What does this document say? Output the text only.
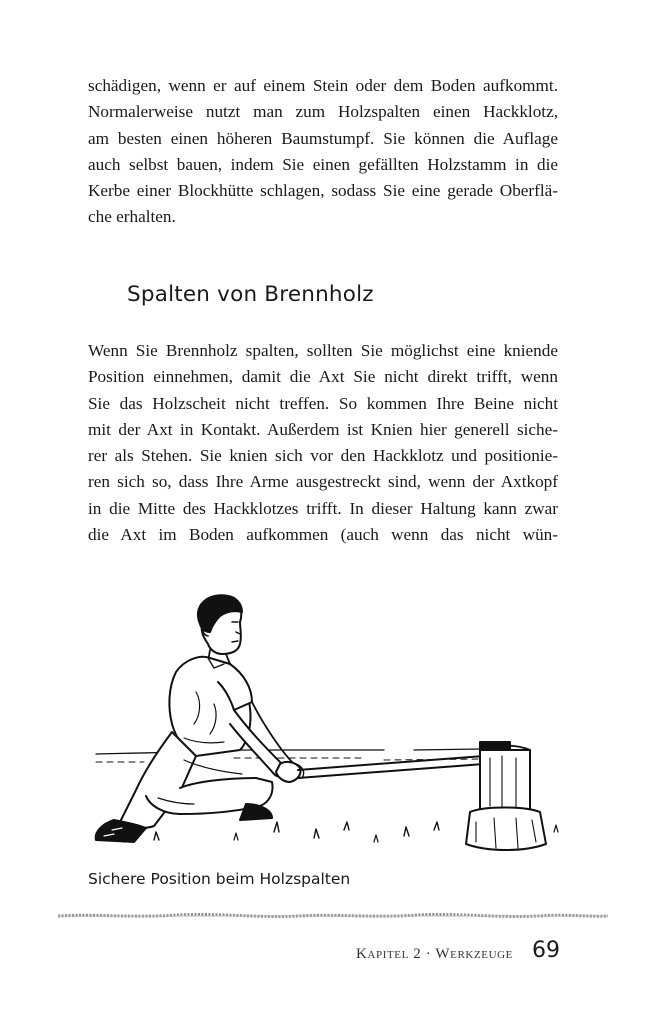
schädigen, wenn er auf einem Stein oder dem Boden aufkommt.
Normalerweise nutzt man zum Holzspalten einen Hackklotz,
am besten einen höheren Baumstumpf. Sie können die Auflage
auch selbst bauen, indem Sie einen gefällten Holzstamm in die
Kerbe einer Blockhütte schlagen, sodass Sie eine gerade Oberflä-
che erhalten.
Spalten von Brennholz
Wenn Sie Brennholz spalten, sollten Sie möglichst eine kniende
Position einnehmen, damit die Axt Sie nicht direkt trifft, wenn
Sie das Holzscheit nicht treffen. So kommen Ihre Beine nicht
mit der Axt in Kontakt. Außerdem ist Knien hier generell siche-
rer als Stehen. Sie knien sich vor den Hackklotz und positionie-
ren sich so, dass Ihre Arme ausgestreckt sind, wenn der Axtkopf
in die Mitte des Hackklotzes trifft. In dieser Haltung kann zwar
die Axt im Boden aufkommen (auch wenn das nicht wün-

Sichere Position beim Holzspalten

Kapitel 2 · Werkzeuge 69
